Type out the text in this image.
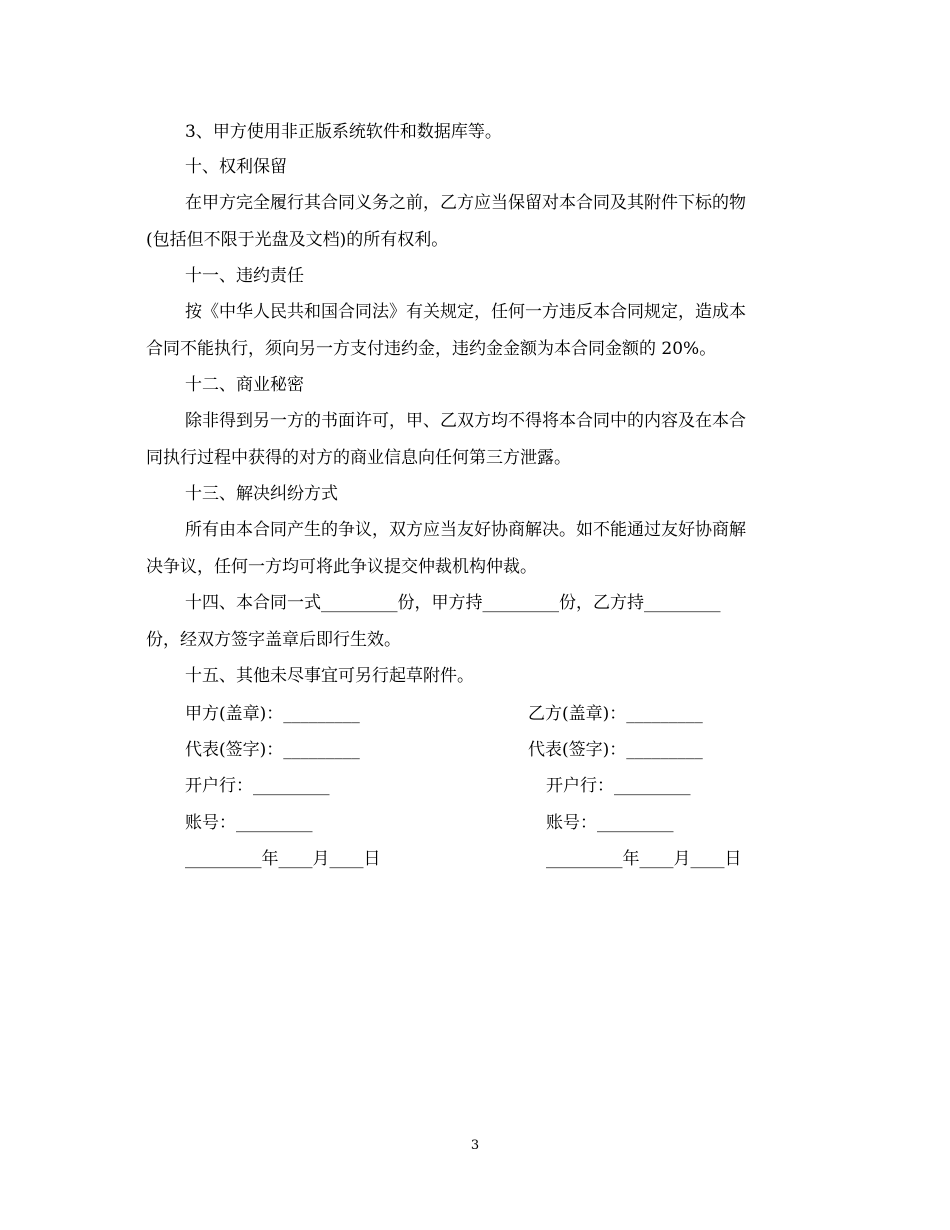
3、甲方使用非正版系统软件和数据库等。
十、权利保留
在甲方完全履行其合同义务之前，乙方应当保留对本合同及其附件下标的物
(包括但不限于光盘及文档)的所有权利。
十一、违约责任
按《中华人民共和国合同法》有关规定，任何一方违反本合同规定，造成本
合同不能执行，须向另一方支付违约金，违约金金额为本合同金额的 20%。
十二、商业秘密
除非得到另一方的书面许可，甲、乙双方均不得将本合同中的内容及在本合
同执行过程中获得的对方的商业信息向任何第三方泄露。
十三、解决纠纷方式
所有由本合同产生的争议，双方应当友好协商解决。如不能通过友好协商解
决争议，任何一方均可将此争议提交仲裁机构仲裁。
十四、本合同一式_________份，甲方持_________份，乙方持_________
份，经双方签字盖章后即行生效。
十五、其他未尽事宜可另行起草附件。
甲方(盖章)：_________
代表(签字)：_________
开户行：_________
账号：_________
_________年____月____日
乙方(盖章)：_________
代表(签字)：_________
开户行：_________
账号：_________
_________年____月____日
3
